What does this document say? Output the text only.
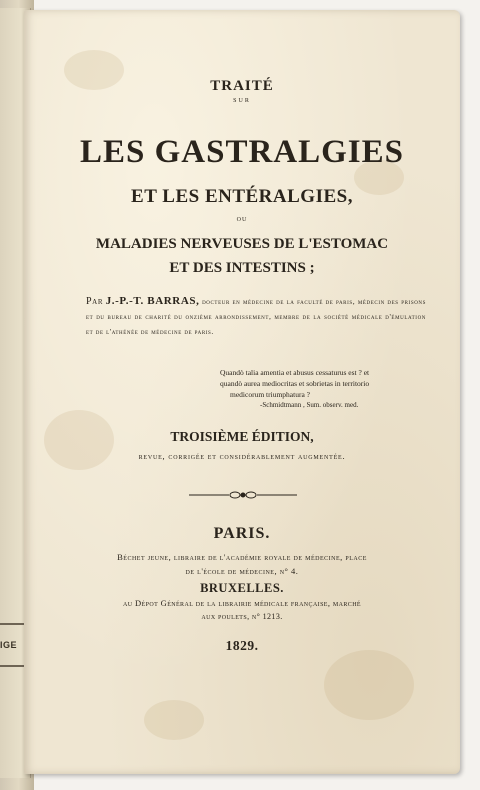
IGE
TRAITÉ
SUR
LES GASTRALGIES
ET LES ENTÉRALGIES,
OU
MALADIES NERVEUSES DE L'ESTOMAC
ET DES INTESTINS ;
Par J.-P.-T. BARRAS, docteur en médecine de la faculté de paris, médecin des prisons et du bureau de charité du onzième arrondissement, membre de la société médicale d'émulation et de l'athénée de médecine de paris.
Quandò talia amentia et abusus cessaturus est ? et
quandò aurea mediocritas et sobrietas in territorio
medicorum triumphatura ?
-Schmidtmann , Sum. observ. med.
TROISIÈME ÉDITION,
revue, corrigée et considérablement augmentée.
PARIS.
Béchet jeune, libraire de l'académie royale de médecine, place
de l'école de médecine, n° 4.
BRUXELLES.
au Dépot Général de la librairie médicale française, marché
aux poulets, n° 1213.
1829.
